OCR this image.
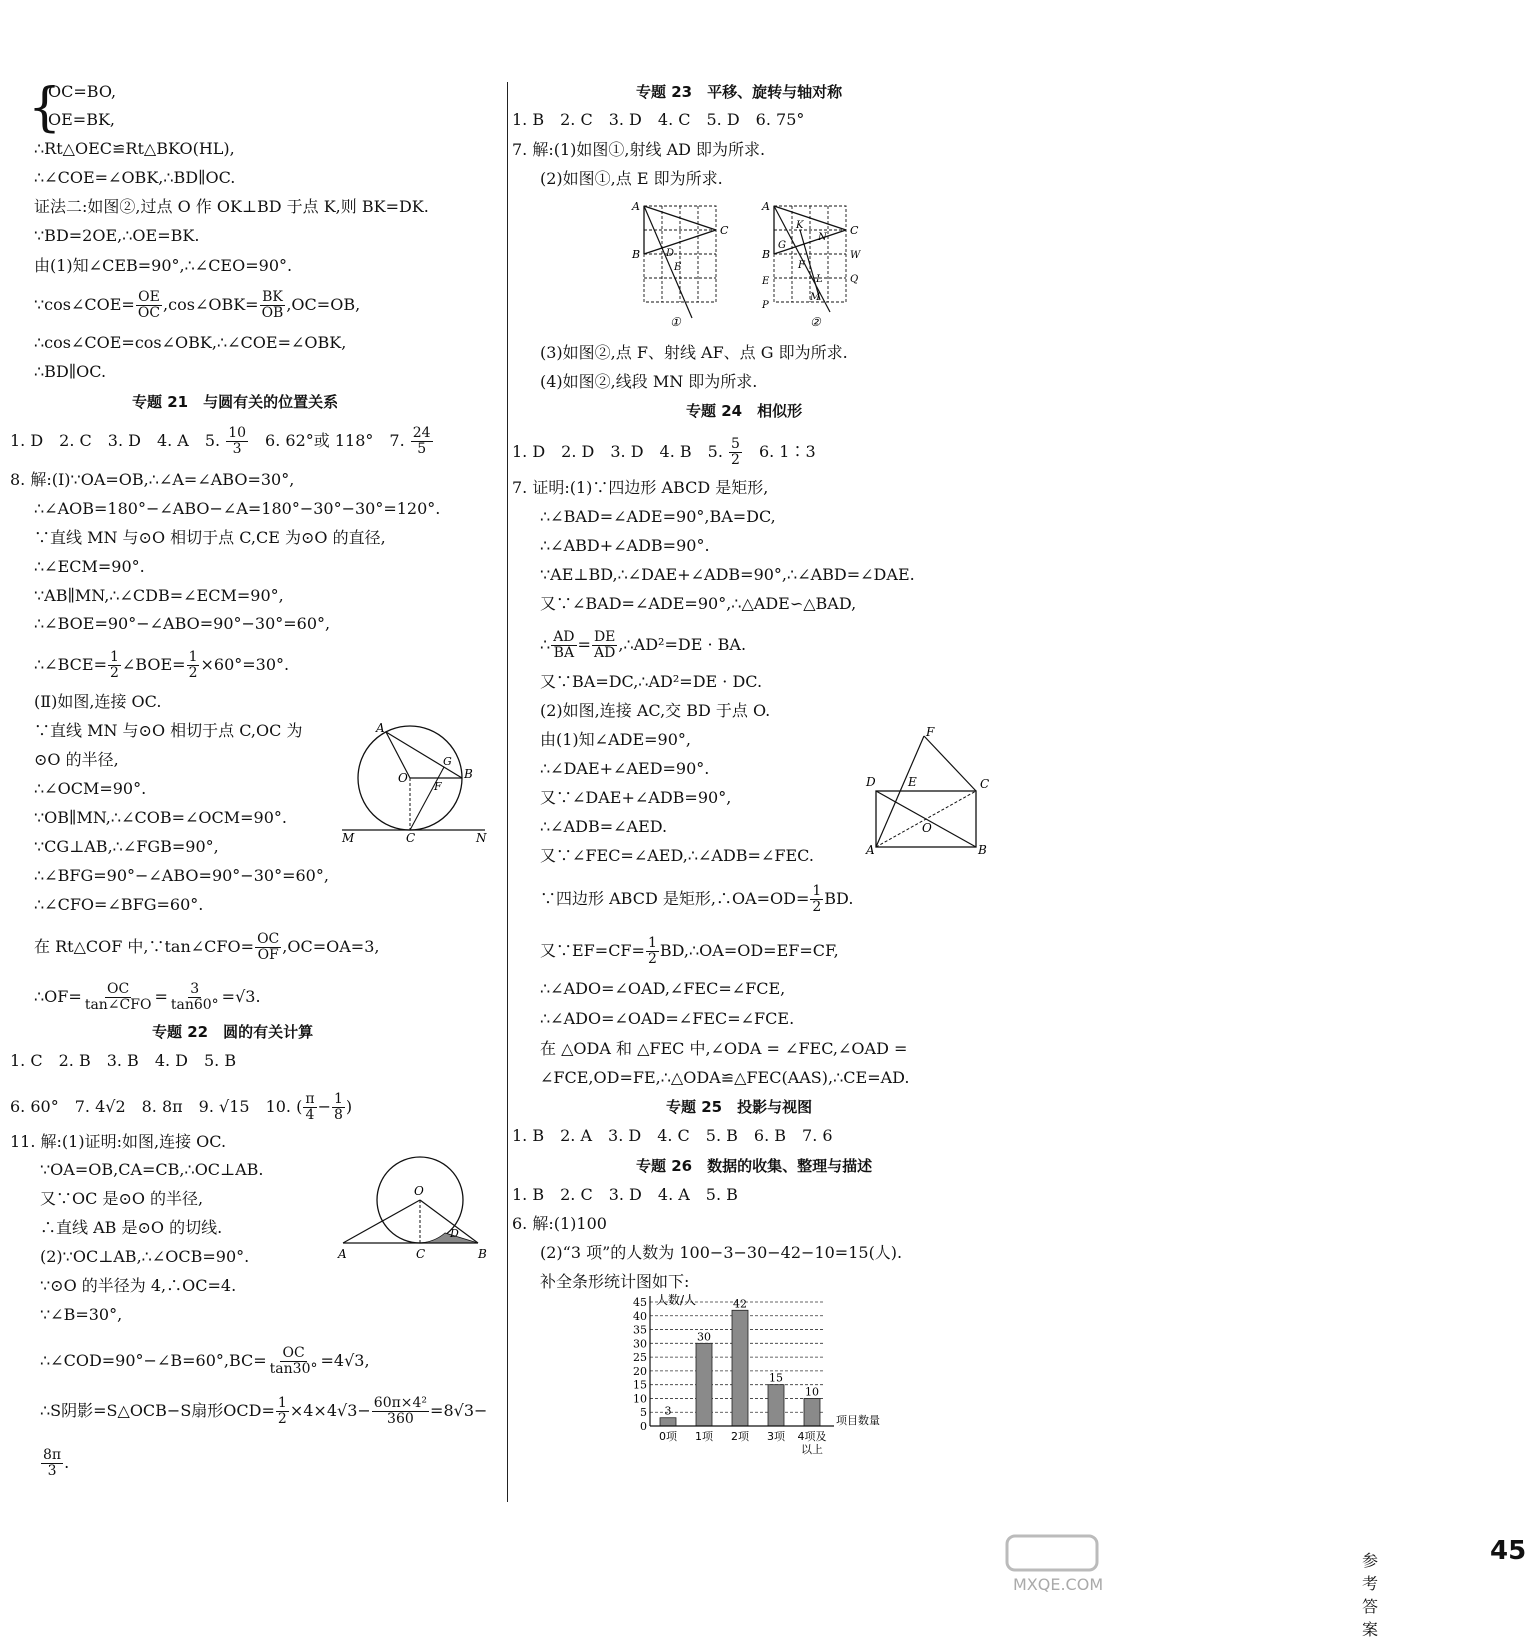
{
OC=BO,
OE=BK,
∴Rt△OEC≌Rt△BKO(HL),
∴∠COE=∠OBK,∴BD∥OC.
证法二:如图②,过点 O 作 OK⊥BD 于点 K,则 BK=DK.
∵BD=2OE,∴OE=BK.
由(1)知∠CEB=90°,∴∠CEO=90°.
∵cos∠COE= $\frac{OE}{OC}$ ,cos∠OBK= $\frac{BK}{OB} ,OC=OB$,
∴cos∠COE=cos∠OBK,∴∠COE=∠OBK,
∴BD∥OC.
专题 21　与圆有关的位置关系
1. D　2. C　3. D　4. A　5. $\frac{10}{3}$ 　6. 62°或 118°　7. $\frac{24}{5}$
8. 解:(Ⅰ)∵OA=OB,∴∠A=∠ABO=30°,
∴∠AOB=180°−∠ABO−∠A=180°−30°−30°=120°.
∵直线 MN 与⊙O 相切于点 C,CE 为⊙O 的直径,
∴∠ECM=90°.
∵AB∥MN,∴∠CDB=∠ECM=90°,
∴∠BOE=90°−∠ABO=90°−30°=60°,
∴∠BCE= $\frac{1}{2}$ ∠BOE= $\frac{1}{2} \times 60^\circ=30^\circ$.
(Ⅱ)如图,连接 OC.
∵直线 MN 与⊙O 相切于点 C,OC 为
⊙O 的半径,
∴∠OCM=90°.
∵OB∥MN,∴∠COB=∠OCM=90°.
∵CG⊥AB,∴∠FGB=90°,
∴∠BFG=90°−∠ABO=90°−30°=60°,
∴∠CFO=∠BFG=60°.
在 Rt△COF 中,∵tan∠CFO= $\frac{OC}{OF} ,OC=OA=3$,
∴OF= OC
tan∠CFO = $\frac{3}{\tan 60^\circ} =√3$.
专题 22　圆的有关计算
1. C　2. B　3. B　4. D　5. B
6. 60°　7. 4√2　8. 8π　9. √15　10. ( $\frac{\pi}{4} - \frac{1}{8}$ )
11. 解:(1)证明:如图,连接 OC.
∵OA=OB,CA=CB,∴OC⊥AB.
又∵OC 是⊙O 的半径,
∴直线 AB 是⊙O 的切线.
(2)∵OC⊥AB,∴∠OCB=90°.
∵⊙O 的半径为 4,∴OC=4.
∵∠B=30°,
∴∠COD=90°−∠B=60°,BC= $\frac{OC}{\tan 30^\circ} =4√3$,
∴S阴影=S△OCB−S扇形$OCD= \frac{1}{2} \times 4\times 4√3- \frac{\text{60π×4²}}{360} =8√3-$
$\frac{8\pi}{3}$ .
A
O	B
G
F
C
M	N
O
A	C
D
B
专题 23　平移、旋转与轴对称
1. B　2. C　3. D　4. C　5. D　6. 75°
7. 解:(1)如图①,射线 AD 即为所求.
(2)如图①,点 E 即为所求.
A
B
C
D
E
①
A
B
C
E
P
W
Q
K
G
F
N
L
M
②
(3)如图②,点 F、射线 AF、点 G 即为所求.
(4)如图②,线段 MN 即为所求.
专题 24　相似形
1. D　2. D　3. D　4. B　5. $\frac{5}{2}$ 　6. 1∶3
7. 证明:(1)∵四边形 ABCD 是矩形,
∴∠BAD=∠ADE=90°,BA=DC,
∴∠ABD+∠ADB=90°.
∵AE⊥BD,∴∠DAE+∠ADB=90°,∴∠ABD=∠DAE.
又∵∠BAD=∠ADE=90°,∴△ADE∽△BAD,
∴ $\frac{AD}{BA} = \frac{DE}{AD}$ ,∴AD²=DE · BA.
又∵BA=DC,∴AD²=DE · DC.
(2)如图,连接 AC,交 BD 于点 O.
由(1)知∠ADE=90°,
∴∠DAE+∠AED=90°.
又∵∠DAE+∠ADB=90°,
∴∠ADB=∠AED.
又∵∠FEC=∠AED,∴∠ADB=∠FEC.
D	E
F
C
O
A	B
∵四边形 ABCD 是矩形,∴OA=OD= $\frac{1}{2}$ BD.
又∵EF=CF= $\frac{1}{2}$ BD,∴OA=OD=EF=CF,
∴∠ADO=∠OAD,∠FEC=∠FCE,
∴∠ADO=∠OAD=∠FEC=∠FCE.
在 △ODA 和 △FEC 中,∠ODA = ∠FEC,∠OAD =
∠FCE,OD=FE,∴△ODA≌△FEC(AAS),∴CE=AD.
专题 25　投影与视图
1. B　2. A　3. D　4. C　5. B　6. B　7. 6
专题 26　数据的收集、整理与描述
1. B　2. C　3. D　4. A　5. B
6. 解:(1)100
(2)“3 项”的人数为 100−3−30−42−10=15(人).
补全条形统计图如下:
3
30
42
15
10
0
5
10
15
20
25
30
35
40
45
0项 1项 2项 3项 4项及
以上
人数/人
项目数量
参考答案
45
MXQE.COM
